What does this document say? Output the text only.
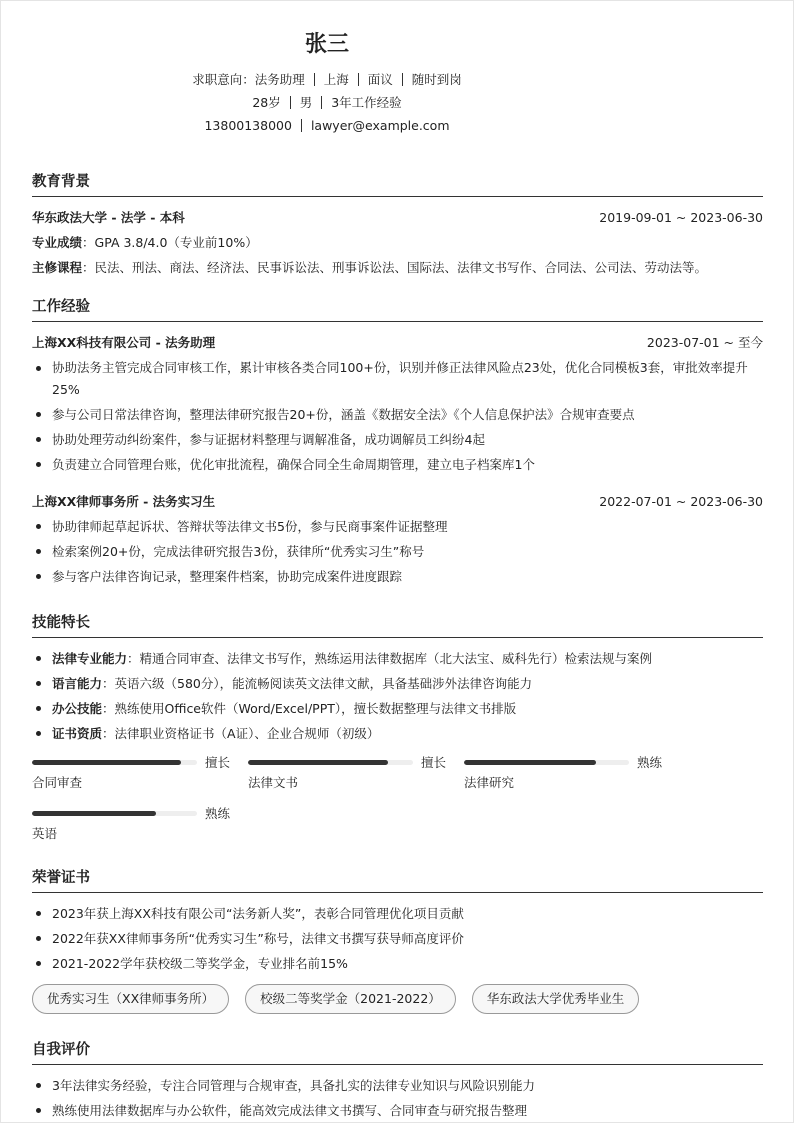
张三
求职意向：法务助理 上海 面议 随时到岗
28岁 男 3年工作经验
13800138000 lawyer@example.com
教育背景
华东政法大学 - 法学 - 本科	2019-09-01 ~ 2023-06-30
专业成绩：GPA 3.8/4.0（专业前10%）
主修课程：民法、刑法、商法、经济法、民事诉讼法、刑事诉讼法、国际法、法律文书写作、合同法、公司法、劳动法等。
工作经验
上海XX科技有限公司 - 法务助理	2023-07-01 ~ 至今
协助法务主管完成合同审核工作，累计审核各类合同100+份，识别并修正法律风险点23处，优化合同模板3套，审批效率提升25%
参与公司日常法律咨询，整理法律研究报告20+份，涵盖《数据安全法》《个人信息保护法》合规审查要点
协助处理劳动纠纷案件，参与证据材料整理与调解准备，成功调解员工纠纷4起
负责建立合同管理台账，优化审批流程，确保合同全生命周期管理，建立电子档案库1个
上海XX律师事务所 - 法务实习生	2022-07-01 ~ 2023-06-30
协助律师起草起诉状、答辩状等法律文书5份，参与民商事案件证据整理
检索案例20+份，完成法律研究报告3份，获律所“优秀实习生”称号
参与客户法律咨询记录，整理案件档案，协助完成案件进度跟踪
技能特长
法律专业能力：精通合同审查、法律文书写作，熟练运用法律数据库（北大法宝、威科先行）检索法规与案例
语言能力：英语六级（580分），能流畅阅读英文法律文献，具备基础涉外法律咨询能力
办公技能：熟练使用Office软件（Word/Excel/PPT），擅长数据整理与法律文书排版
证书资质：法律职业资格证书（A证）、企业合规师（初级）
擅长
合同审查
擅长
法律文书
熟练
法律研究
熟练
英语
荣誉证书
2023年获上海XX科技有限公司“法务新人奖”，表彰合同管理优化项目贡献
2022年获XX律师事务所“优秀实习生”称号，法律文书撰写获导师高度评价
2021-2022学年获校级二等奖学金，专业排名前15%
优秀实习生（XX律师事务所）	校级二等奖学金（2021-2022）	华东政法大学优秀毕业生
自我评价
3年法律实务经验，专注合同管理与合规审查，具备扎实的法律专业知识与风险识别能力
熟练使用法律数据库与办公软件，能高效完成法律文书撰写、合同审查与研究报告整理
